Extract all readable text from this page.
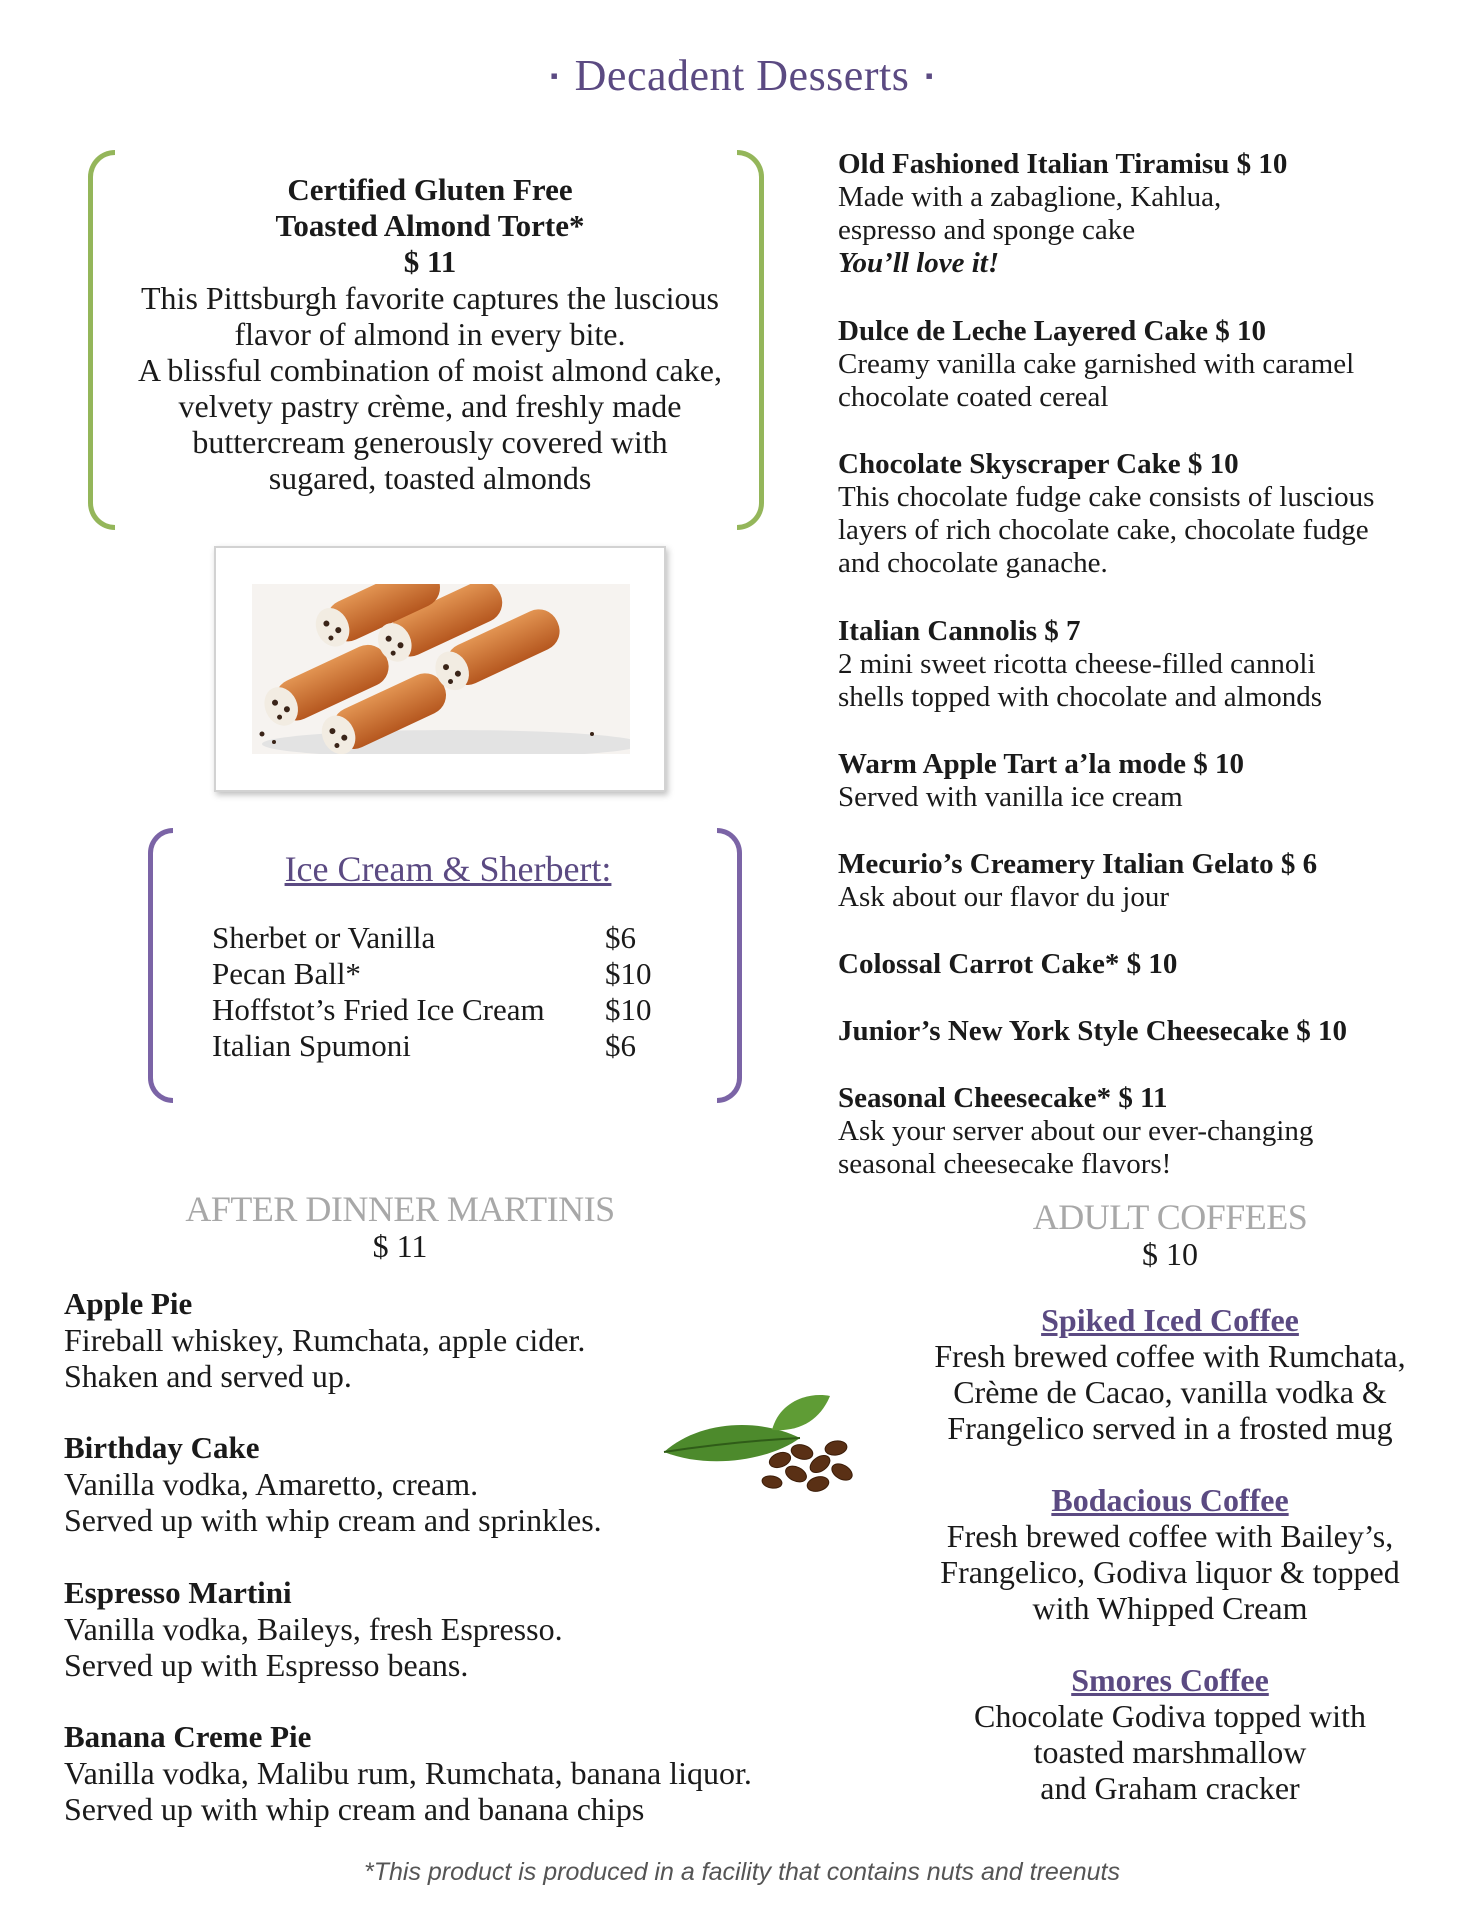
▪ Decadent Desserts ▪

Certified Gluten Free

Toasted Almond Torte*

$ 11

This Pittsburgh favorite captures the luscious

flavor of almond in every bite.

A blissful combination of moist almond cake,

velvety pastry crème, and freshly made

buttercream generously covered with

sugared, toasted almonds

Ice Cream & Sherbert:
Sherbet or Vanilla	$6
Pecan Ball*	$10
Hoffstot’s Fried Ice Cream	$10
Italian Spumoni	$6

Old Fashioned Italian Tiramisu $ 10

Made with a zabaglione, Kahlua,

espresso and sponge cake

You’ll love it!

Dulce de Leche Layered Cake $ 10

Creamy vanilla cake garnished with caramel

chocolate coated cereal

Chocolate Skyscraper Cake $ 10

This chocolate fudge cake consists of luscious

layers of rich chocolate cake, chocolate fudge

and chocolate ganache.

Italian Cannolis $ 7

2 mini sweet ricotta cheese-filled cannoli

shells topped with chocolate and almonds

Warm Apple Tart a’la mode $ 10

Served with vanilla ice cream

Mecurio’s Creamery Italian Gelato $ 6

Ask about our flavor du jour

Colossal Carrot Cake* $ 10

Junior’s New York Style Cheesecake $ 10

Seasonal Cheesecake* $ 11

Ask your server about our ever-changing

seasonal cheesecake flavors!

AFTER DINNER MARTINIS
$ 11

Apple Pie

Fireball whiskey, Rumchata, apple cider.

Shaken and served up.

Birthday Cake

Vanilla vodka, Amaretto, cream.

Served up with whip cream and sprinkles.

Espresso Martini

Vanilla vodka, Baileys, fresh Espresso.

Served up with Espresso beans.

Banana Creme Pie

Vanilla vodka, Malibu rum, Rumchata, banana liquor.

Served up with whip cream and banana chips

ADULT COFFEES
$ 10

Spiked Iced Coffee

Fresh brewed coffee with Rumchata,

Crème de Cacao, vanilla vodka &

Frangelico served in a frosted mug

Bodacious Coffee

Fresh brewed coffee with Bailey’s,

Frangelico, Godiva liquor & topped

with Whipped Cream

Smores Coffee

Chocolate Godiva topped with

toasted marshmallow

and Graham cracker

*This product is produced in a facility that contains nuts and treenuts
